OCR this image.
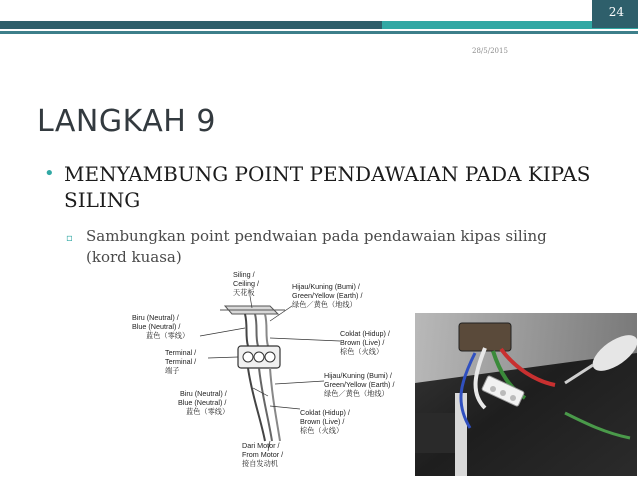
24
28/5/2015
LANGKAH 9
• MENYAMBUNG POINT PENDAWAIAN PADA KIPAS SILING
▫ Sambungkan point pendwaian pada pendawaian kipas siling (kord kuasa)
Siling /
Ceiling /
天花板
Hijau/Kuning (Bumi) /
Green/Yellow (Earth) /
绿色／黄色（地线）
Biru (Neutral) /
Blue (Neutral) /
蓝色（零线）	Coklat (Hidup) /
Brown (Live) /
棕色（火线）
Terminal /
Terminal /
端子
Hijau/Kuning (Bumi) /
Green/Yellow (Earth) /
绿色／黄色（地线）
Biru (Neutral) /
Blue (Neutral) /
蓝色（零线）	Coklat (Hidup) /
Brown (Live) /
棕色（火线）
Dari Motor /
From Motor /
接自发动机
